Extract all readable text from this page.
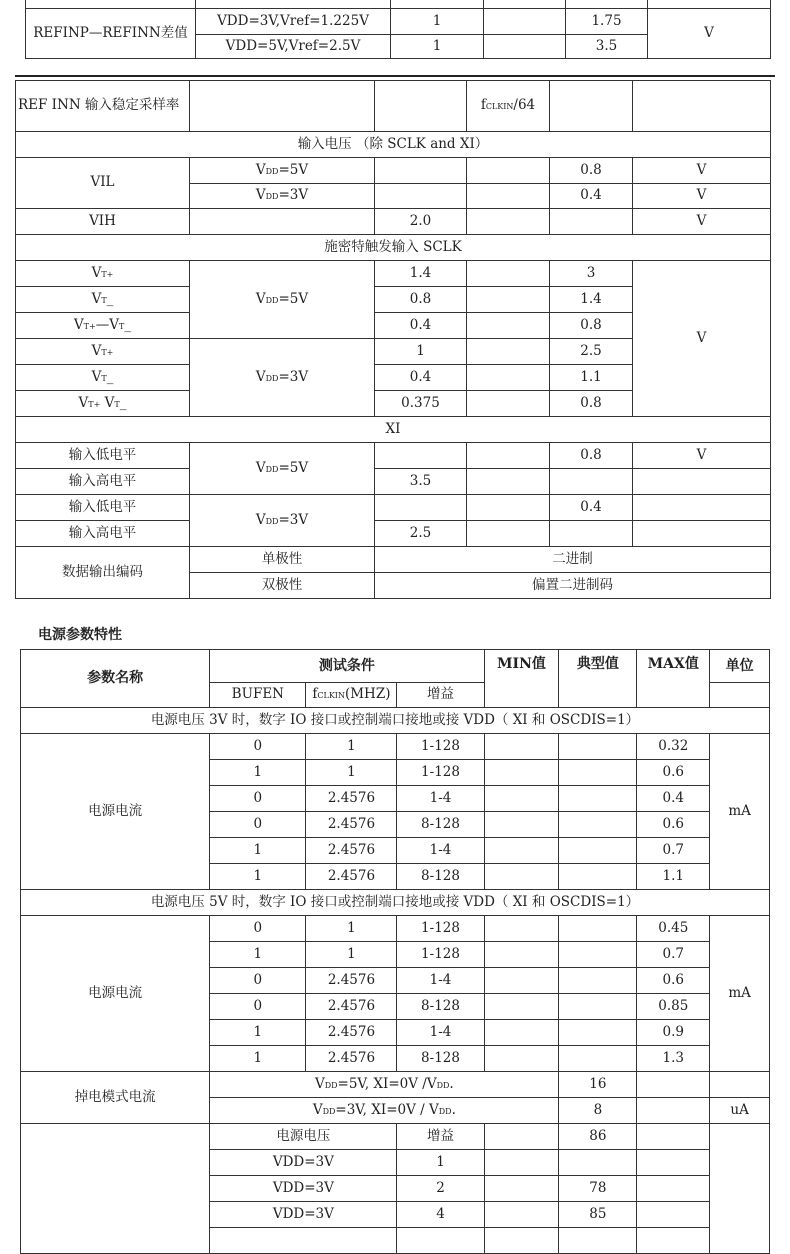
REFINP—REFINN差值	VDD=3V,Vref=1.225V	1		1.75	V
	VDD=5V,Vref=2.5V	1		3.5	
REF INN 输入稳定采样率			fCLKIN/64		
输入电压 （除 SCLK and XI）					
VIL	VDD=5V			0.8	V
	VDD=3V			0.4	V
VIH		2.0			V
施密特触发输入 SCLK					
VT+	VDD=5V	1.4		3	V
VT_		0.8		1.4	
VT+—VT_		0.4		0.8	
VT+	VDD=3V	1		2.5	
VT_		0.4		1.1	
VT+ VT_		0.375		0.8	
XI					
输入低电平	VDD=5V			0.8	V
输入高电平		3.5			
输入低电平	VDD=3V			0.4	
输入高电平		2.5			
数据输出编码	单极性	二进制			
	双极性	偏置二进制码			
电源参数特性
参数名称	测试条件			MIN值	典型值	MAX值	单位
	BUFEN	fCLKIN(MHZ)	增益				
电源电压 3V 时，数字 IO 接口或控制端口接地或接 VDD（ XI 和 OSCDIS=1）							
电源电流	0	1	1-128			0.32	mA
	1	1	1-128			0.6	
	0	2.4576	1-4			0.4	
	0	2.4576	8-128			0.6	
	1	2.4576	1-4			0.7	
	1	2.4576	8-128			1.1	
电源电压 5V 时，数字 IO 接口或控制端口接地或接 VDD（ XI 和 OSCDIS=1）							
电源电流	0	1	1-128			0.45	mA
	1	1	1-128			0.7	
	0	2.4576	1-4			0.6	
	0	2.4576	8-128			0.85	
	1	2.4576	1-4			0.9	
	1	2.4576	8-128			1.3	
掉电模式电流	VDD=5V, XI=0V /VDD.				16		
	VDD=3V, XI=0V / VDD.				8		uA
	电源电压		增益		86		
	VDD=3V		1				
	VDD=3V		2		78		
	VDD=3V		4		85		
